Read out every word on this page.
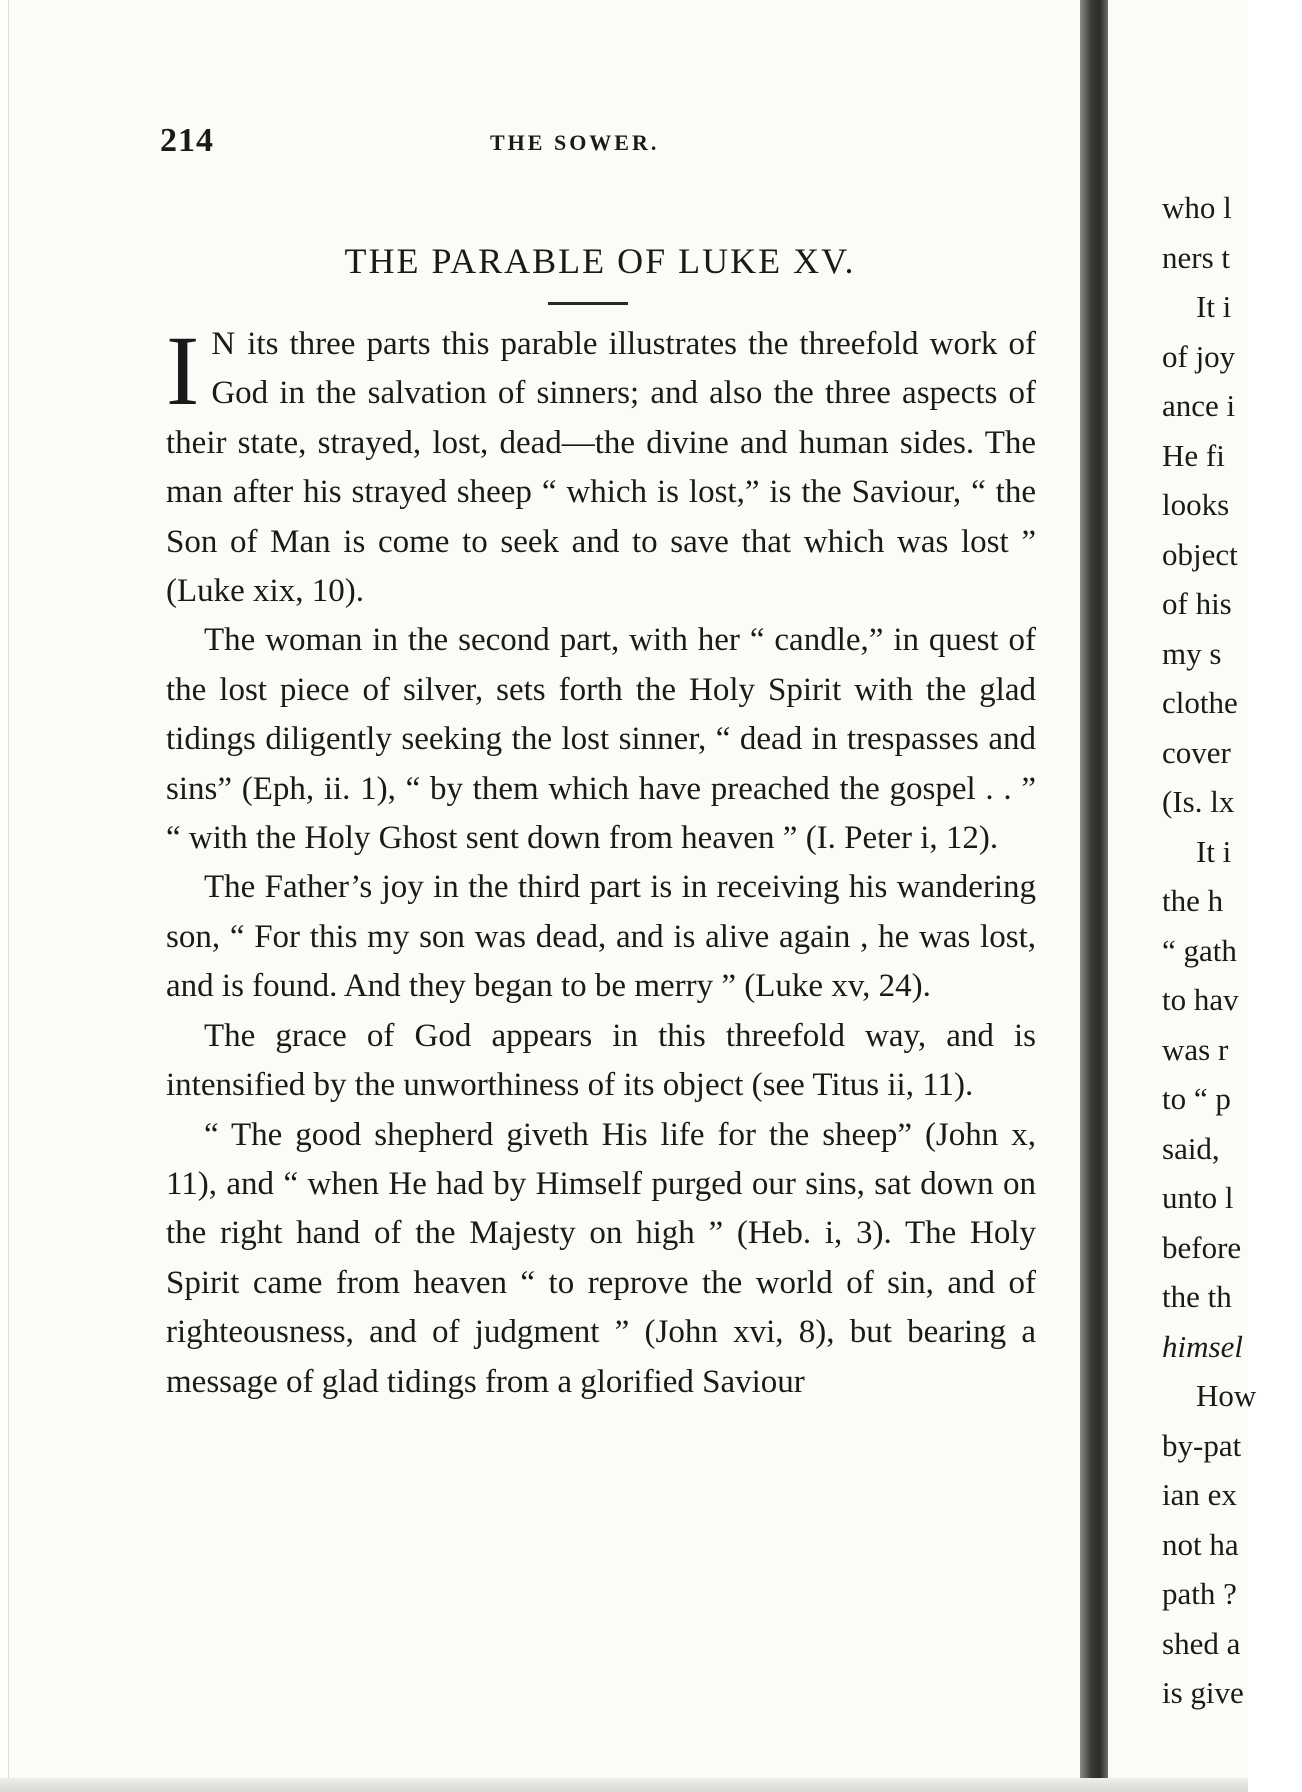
214	THE SOWER.
THE PARABLE OF LUKE XV.

I N its three parts this parable illustrates the threefold work of God in the salvation of sinners; and also the three aspects of their state, strayed, lost, dead—the divine and human sides. The man after his strayed sheep “ which is lost,” is the Saviour, “ the Son of Man is come to seek and to save that which was lost ” (Luke xix, 10).

The woman in the second part, with her “ candle,” in quest of the lost piece of silver, sets forth the Holy Spirit with the glad tidings diligently seeking the lost sinner, “ dead in trespasses and sins” (Eph, ii. 1), “ by them which have preached the gospel . . ” “ with the Holy Ghost sent down from heaven ” (I. Peter i, 12).

The Father’s joy in the third part is in receiving his wandering son, “ For this my son was dead, and is alive again , he was lost, and is found. And they began to be merry ” (Luke xv, 24).

The grace of God appears in this threefold way, and is intensified by the unworthiness of its object (see Titus ii, 11).

“ The good shepherd giveth His life for the sheep” (John x, 11), and “ when He had by Himself purged our sins, sat down on the right hand of the Majesty on high ” (Heb. i, 3). The Holy Spirit came from heaven “ to reprove the world of sin, and of righteousness, and of judgment ” (John xvi, 8), but bearing a message of glad tidings from a glorified Saviour

who l
ners t
It i
of joy
ance i
He fi
looks
object
of his
my s
clothe
cover
(Is. lx
It i
the h
“ gath
to hav
was r
to “ p
said,
unto l
before
the th
himsel
How
by-pat
ian ex
not ha
path ?
shed a
is give
